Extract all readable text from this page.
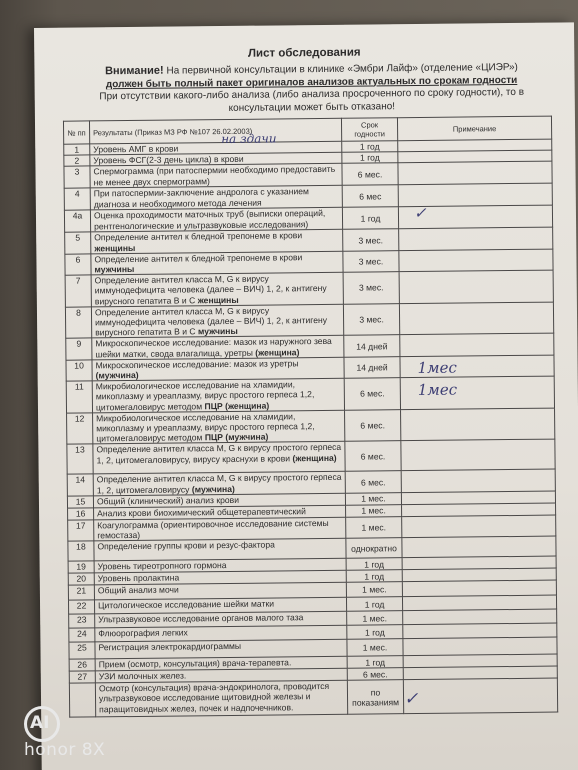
Лист обследования
Внимание! На первичной консультации в клинике «Эмбри Лайф» (отделение «ЦИЭР»)
должен быть полный пакет оригиналов анализов актуальных по срокам годности
При отсутствии какого-либо анализа (либо анализа просроченного по сроку годности), то в консультации может быть отказано!
№ пп	Результаты (Приказ МЗ РФ №107 26.02.2003)	Срок годности	Примечание
1	Уровень АМГ в крови	1 год	
2	Уровень ФСГ(2-3 день цикла) в крови	1 год	
3	Спермограмма (при патоспермии необходимо предоставить не менее двух спермограмм)	6 мес.	
4	При патоспермии-заключение андролога с указанием диагноза и необходимого метода лечения	6 мес	
4а	Оценка проходимости маточных труб (выписки операций, рентгенологические и ультразвуковые исследования)	1 год	
5	Определение антител к бледной трепонеме в крови женщины	3 мес.	
6	Определение антител к бледной трепонеме в крови мужчины	3 мес.	
7	Определение антител класса M, G к вирусу иммунодефицита человека (далее – ВИЧ) 1, 2, к антигену вирусного гепатита В и С женщины	3 мес.	
8	Определение антител класса M, G к вирусу иммунодефицита человека (далее – ВИЧ) 1, 2, к антигену вирусного гепатита В и С мужчины	3 мес.	
9	Микроскопическое исследование: мазок из наружного зева шейки матки, свода влагалища, уретры (женщина)	14 дней	
10	Микроскопическое исследование: мазок из уретры (мужчина)	14 дней	
11	Микробиологическое исследование на хламидии, микоплазму и уреаплазму, вирус простого герпеса 1,2, цитомегаловирус методом ПЦР (женщина)	6 мес.	
12	Микробиологическое исследование на хламидии, микоплазму и уреаплазму, вирус простого герпеса 1,2, цитомегаловирус методом ПЦР (мужчина)	6 мес.	
13	Определение антител класса M, G к вирусу простого герпеса 1, 2, цитомегаловирусу, вирусу краснухи в крови (женщина)	6 мес.	
14	Определение антител класса M, G к вирусу простого герпеса 1, 2, цитомегаловирусу (мужчина)	6 мес.	
15	Общий (клинический) анализ крови	1 мес.	
16	Анализ крови биохимический общетерапевтический	1 мес.	
17	Коагулограмма (ориентировочное исследование системы гемостаза)	1 мес.	
18	Определение группы крови и резус-фактора	однократно	
19	Уровень тиреотропного гормона	1 год	
20	Уровень пролактина	1 год	
21	Общий анализ мочи	1 мес.	
22	Цитологическое исследование шейки матки	1 год	
23	Ультразвуковое исследование органов малого таза	1 мес.	
24	Флюорография легких	1 год	
25	Регистрация электрокардиограммы	1 мес.	
26	Прием (осмотр, консультация) врача-терапевта.	1 год	
27	УЗИ молочных желез.	6 мес.	
	Осмотр (консультация) врача-эндокринолога, проводится ультразвуковое исследование щитовидной железы и паращитовидных желез, почек и надпочечников.	по показаниям	
на здачи
✓
1мес
1мес
✓
AI
honor 8X
